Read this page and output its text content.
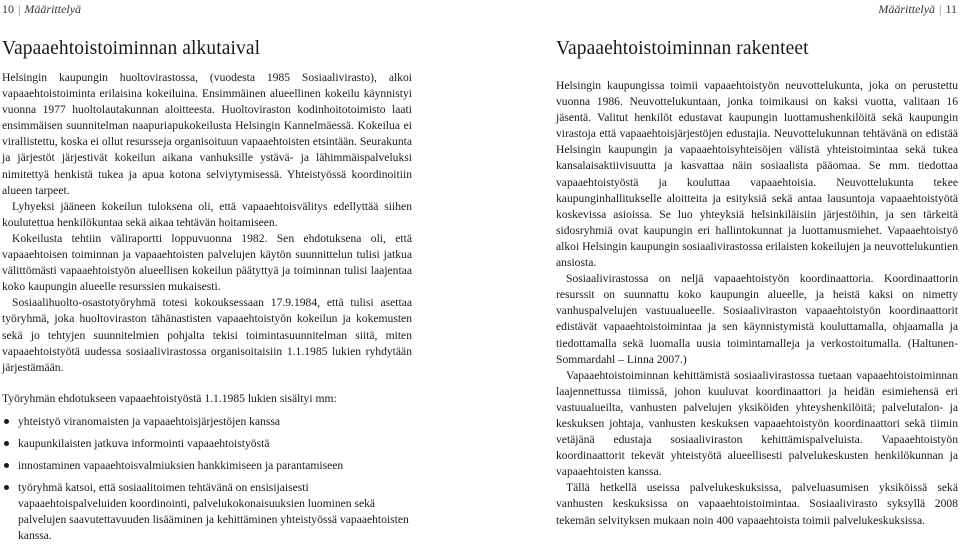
10 | Määrittelyä	Määrittelyä | 11
Vapaaehtoistoiminnan alkutaival

Helsingin kaupungin huoltovirastossa, (vuodesta 1985 Sosiaalivirasto), alkoi vapaaehtoistoiminta erilaisina kokeiluina. Ensimmäinen alueellinen kokeilu käynnistyi vuonna 1977 huoltolautakunnan aloitteesta. Huoltoviraston kodinhoitotoimisto laati ensimmäisen suunnitelman naapuriapukokeilusta Helsingin Kannelmäessä. Kokeilua ei virallistettu, koska ei ollut resursseja organisoituun vapaaehtoisten etsintään. Seurakunta ja järjestöt järjestivät kokeilun aikana vanhuksille ystävä- ja lähimmäispalveluksi nimitettyä henkistä tukea ja apua kotona selviytymisessä. Yhteistyössä koordinoitiin alueen tarpeet.

Lyhyeksi jääneen kokeilun tuloksena oli, että vapaaehtoisvälitys edellyttää siihen koulutettua henkilökuntaa sekä aikaa tehtävän hoitamiseen.

Kokeilusta tehtiin väliraportti loppuvuonna 1982. Sen ehdotuksena oli, että vapaaehtoisen toiminnan ja vapaaehtoisten palvelujen käytön suunnittelun tulisi jatkua välittömästi vapaaehtoistyön alueellisen kokeilun päätyttyä ja toiminnan tulisi laajentaa koko kaupungin alueelle resurssien mukaisesti.

Sosiaalihuolto-osastotyöryhmä totesi kokouksessaan 17.9.1984, että tulisi asettaa työryhmä, joka huoltoviraston tähänastisten vapaaehtoistyön kokeilun ja kokemusten sekä jo tehtyjen suunnitelmien pohjalta tekisi toimintasuunnitelman siitä, miten vapaaehtoistyötä uudessa sosiaalivirastossa organisoitaisiin 1.1.1985 lukien ryhdytään järjestämään.

Työryhmän ehdotukseen vapaaehtoistyöstä 1.1.1985 lukien sisältyi mm:

yhteistyö viranomaisten ja vapaaehtoisjärjestöjen kanssa
kaupunkilaisten jatkuva informointi vapaaehtoistyöstä
innostaminen vapaaehtoisvalmiuksien hankkimiseen ja parantamiseen
työryhmä katsoi, että sosiaalitoimen tehtävänä on ensisijaisesti vapaaehtoispalveluiden koordinointi, palvelukokonaisuuksien luominen sekä palvelujen saavutettavuuden lisääminen ja kehittäminen yhteistyössä vapaaehtoisten kanssa.
Vapaaehtoistoiminnan rakenteet

Helsingin kaupungissa toimii vapaaehtoistyön neuvottelukunta, joka on perustettu vuonna 1986. Neuvottelukuntaan, jonka toimikausi on kaksi vuotta, valitaan 16 jäsentä. Valitut henkilöt edustavat kaupungin luottamushenkilöitä sekä kaupungin virastoja että vapaaehtoisjärjestöjen edustajia. Neuvottelukunnan tehtävänä on edistää Helsingin kaupungin ja vapaaehtoisyhteisöjen välistä yhteistoimintaa sekä tukea kansalaisaktiivisuutta ja kasvattaa näin sosiaalista pääomaa. Se mm. tiedottaa vapaaehtoistyöstä ja kouluttaa vapaaehtoisia. Neuvottelukunta tekee kaupunginhallitukselle aloitteita ja esityksiä sekä antaa lausuntoja vapaaehtoistyötä koskevissa asioissa. Se luo yhteyksiä helsinkiläisiin järjestöihin, ja sen tärkeitä sidosryhmiä ovat kaupungin eri hallintokunnat ja luottamusmiehet. Vapaaehtoistyö alkoi Helsingin kaupungin sosiaalivirastossa erilaisten kokeilujen ja neuvottelukuntien ansiosta.

Sosiaalivirastossa on neljä vapaaehtoistyön koordinaattoria. Koordinaattorin resurssit on suunnattu koko kaupungin alueelle, ja heistä kaksi on nimetty vanhuspalvelujen vastuualueelle. Sosiaaliviraston vapaaehtoistyön koordinaattorit edistävät vapaaehtoistoimintaa ja sen käynnistymistä kouluttamalla, ohjaamalla ja tiedottamalla sekä luomalla uusia toimintamalleja ja verkostoitumalla. (Haltunen-Sommardahl – Linna 2007.)

Vapaaehtoistoiminnan kehittämistä sosiaalivirastossa tuetaan vapaaehtoistoiminnan laajennettussa tiimissä, johon kuuluvat koordinaattori ja heidän esimiehensä eri vastuualueilta, vanhusten palvelujen yksiköiden yhteyshenkilöitä; palvelutalon- ja keskuksen johtaja, vanhusten keskuksen vapaaehtoistyön koordinaattori sekä tiimin vetäjänä edustaja sosiaaliviraston kehittämispalveluista. Vapaaehtoistyön koordinaattorit tekevät yhteistyötä alueellisesti palvelukeskusten henkilökunnan ja vapaaehtoisten kanssa.

Tällä hetkellä useissa palvelukeskuksissa, palveluasumisen yksiköissä sekä vanhusten keskuksissa on vapaaehtoistoimintaa. Sosiaalivirasto syksyllä 2008 tekemän selvityksen mukaan noin 400 vapaaehtoista toimii palvelukeskuksissa.
